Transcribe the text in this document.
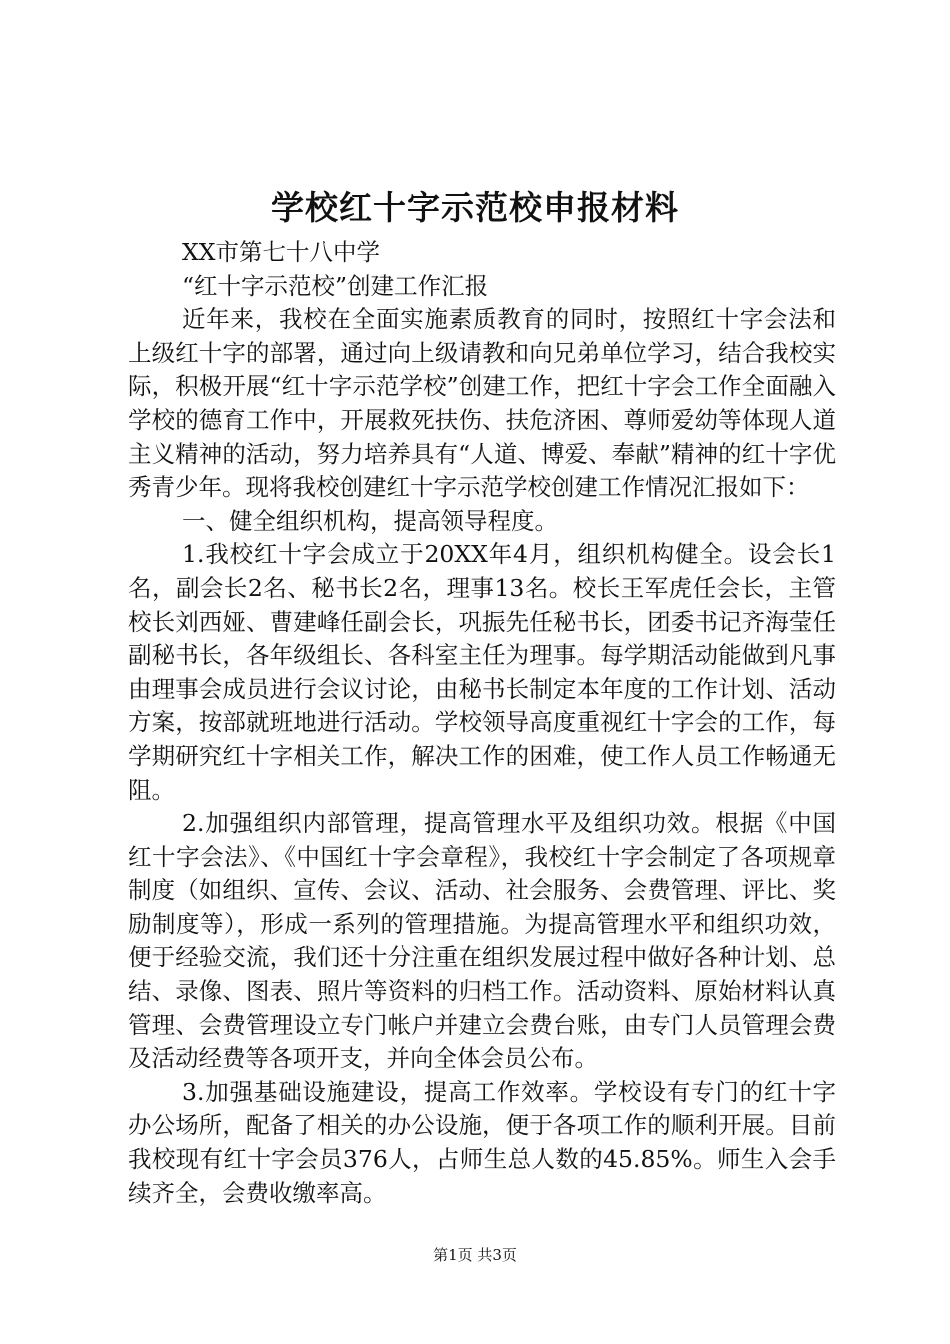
学校红十字示范校申报材料

XX市第七十八中学

“红十字示范校”创建工作汇报

近年来，我校在全面实施素质教育的同时，按照红十字会法和上级红十字的部署，通过向上级请教和向兄弟单位学习，结合我校实际，积极开展“红十字示范学校”创建工作，把红十字会工作全面融入学校的德育工作中，开展救死扶伤、扶危济困、尊师爱幼等体现人道主义精神的活动，努力培养具有“人道、博爱、奉献”精神的红十字优秀青少年。现将我校创建红十字示范学校创建工作情况汇报如下：

一、健全组织机构，提高领导程度。

1.我校红十字会成立于20XX年4月，组织机构健全。设会长1名，副会长2名、秘书长2名，理事13名。校长王军虎任会长，主管校长刘西娅、曹建峰任副会长，巩振先任秘书长，团委书记齐海莹任副秘书长，各年级组长、各科室主任为理事。每学期活动能做到凡事由理事会成员进行会议讨论，由秘书长制定本年度的工作计划、活动方案，按部就班地进行活动。学校领导高度重视红十字会的工作，每学期研究红十字相关工作，解决工作的困难，使工作人员工作畅通无阻。

2.加强组织内部管理，提高管理水平及组织功效。根据《中国红十字会法》、《中国红十字会章程》，我校红十字会制定了各项规章制度（如组织、宣传、会议、活动、社会服务、会费管理、评比、奖励制度等），形成一系列的管理措施。为提高管理水平和组织功效，便于经验交流，我们还十分注重在组织发展过程中做好各种计划、总结、录像、图表、照片等资料的归档工作。活动资料、原始材料认真管理、会费管理设立专门帐户并建立会费台账，由专门人员管理会费及活动经费等各项开支，并向全体会员公布。

3.加强基础设施建设，提高工作效率。学校设有专门的红十字办公场所，配备了相关的办公设施，便于各项工作的顺利开展。目前我校现有红十字会员376人，占师生总人数的45.85%。师生入会手续齐全，会费收缴率高。

第1页 共3页
